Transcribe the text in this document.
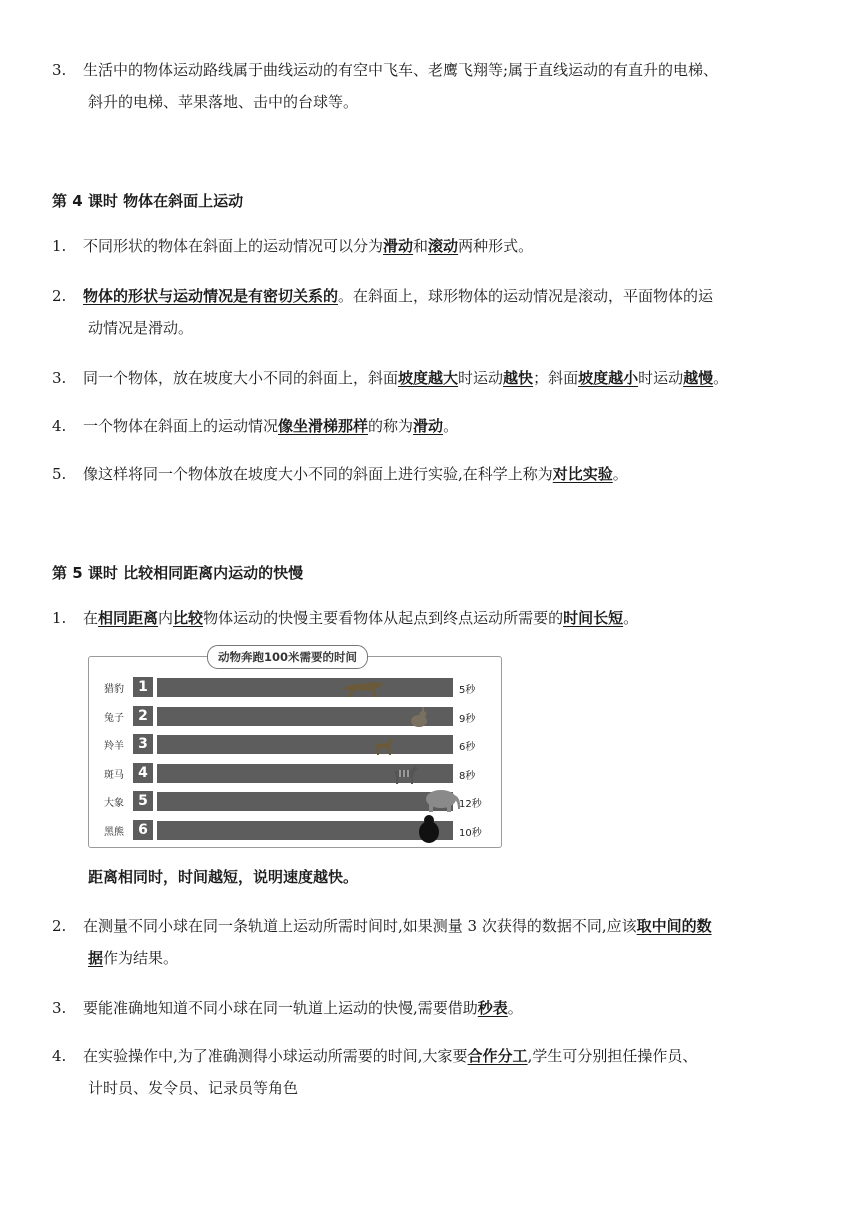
3. 生活中的物体运动路线属于曲线运动的有空中飞车、老鹰飞翔等;属于直线运动的有直升的电梯、
斜升的电梯、苹果落地、击中的台球等。
第 4 课时 物体在斜面上运动
1. 不同形状的物体在斜面上的运动情况可以分为滑动和滚动两种形式。
2. 物体的形状与运动情况是有密切关系的。在斜面上，球形物体的运动情况是滚动，平面物体的运
动情况是滑动。
3. 同一个物体，放在坡度大小不同的斜面上，斜面坡度越大时运动越快；斜面坡度越小时运动越慢。
4. 一个物体在斜面上的运动情况像坐滑梯那样的称为滑动。
5. 像这样将同一个物体放在坡度大小不同的斜面上进行实验,在科学上称为对比实验。
第 5 课时 比较相同距离内运动的快慢
1. 在相同距离内比较物体运动的快慢主要看物体从起点到终点运动所需要的时间长短。
动物奔跑100米需要的时间
猎豹	1	5秒
兔子	2	9秒
羚羊	3	6秒
斑马	4	8秒
大象	5	12秒
黑熊	6	10秒
距离相同时，时间越短，说明速度越快。
2. 在测量不同小球在同一条轨道上运动所需时间时,如果测量 3 次获得的数据不同,应该取中间的数
据作为结果。
3. 要能准确地知道不同小球在同一轨道上运动的快慢,需要借助秒表。
4. 在实验操作中,为了准确测得小球运动所需要的时间,大家要合作分工,学生可分别担任操作员、
计时员、发令员、记录员等角色
